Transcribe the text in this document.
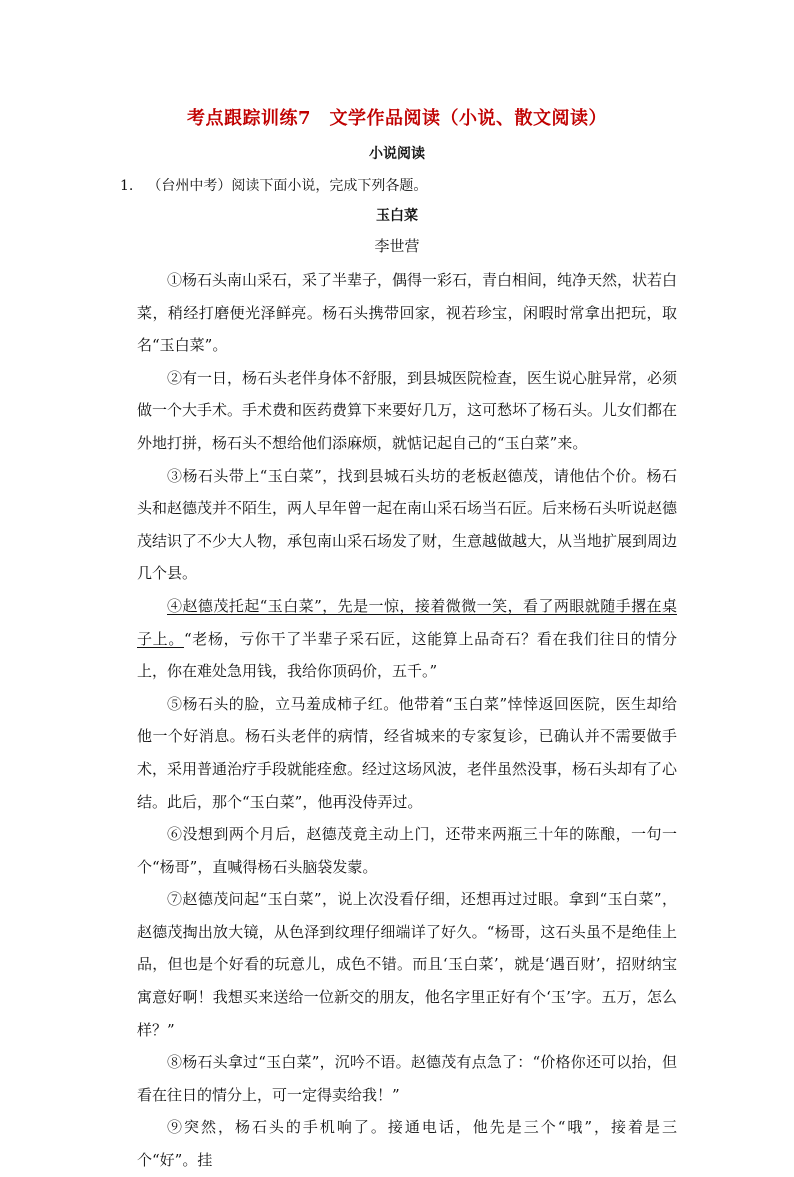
考点跟踪训练7　文学作品阅读（小说、散文阅读）
小说阅读
1. （台州中考）阅读下面小说，完成下列各题。
玉白菜
李世营

①杨石头南山采石，采了半辈子，偶得一彩石，青白相间，纯净天然，状若白菜，稍经打磨便光泽鲜亮。杨石头携带回家，视若珍宝，闲暇时常拿出把玩，取名“玉白菜”。

②有一日，杨石头老伴身体不舒服，到县城医院检查，医生说心脏异常，必须做一个大手术。手术费和医药费算下来要好几万，这可愁坏了杨石头。儿女们都在外地打拼，杨石头不想给他们添麻烦，就惦记起自己的“玉白菜”来。

③杨石头带上“玉白菜”，找到县城石头坊的老板赵德茂，请他估个价。杨石头和赵德茂并不陌生，两人早年曾一起在南山采石场当石匠。后来杨石头听说赵德茂结识了不少大人物，承包南山采石场发了财，生意越做越大，从当地扩展到周边几个县。

④赵德茂托起“玉白菜”，先是一惊，接着微微一笑，看了两眼就随手撂在桌子上。“老杨，亏你干了半辈子采石匠，这能算上品奇石？看在我们往日的情分上，你在难处急用钱，我给你顶码价，五千。”

⑤杨石头的脸，立马羞成柿子红。他带着“玉白菜”悻悻返回医院，医生却给他一个好消息。杨石头老伴的病情，经省城来的专家复诊，已确认并不需要做手术，采用普通治疗手段就能痊愈。经过这场风波，老伴虽然没事，杨石头却有了心结。此后，那个“玉白菜”，他再没侍弄过。

⑥没想到两个月后，赵德茂竟主动上门，还带来两瓶三十年的陈酿，一句一个“杨哥”，直喊得杨石头脑袋发蒙。

⑦赵德茂问起“玉白菜”，说上次没看仔细，还想再过过眼。拿到“玉白菜”，赵德茂掏出放大镜，从色泽到纹理仔细端详了好久。“杨哥，这石头虽不是绝佳上品，但也是个好看的玩意儿，成色不错。而且‘玉白菜’，就是‘遇百财’，招财纳宝寓意好啊！我想买来送给一位新交的朋友，他名字里正好有个‘玉’字。五万，怎么样？”

⑧杨石头拿过“玉白菜”，沉吟不语。赵德茂有点急了：“价格你还可以抬，但看在往日的情分上，可一定得卖给我！”

⑨突然，杨石头的手机响了。接通电话，他先是三个“哦”，接着是三个“好”。挂
